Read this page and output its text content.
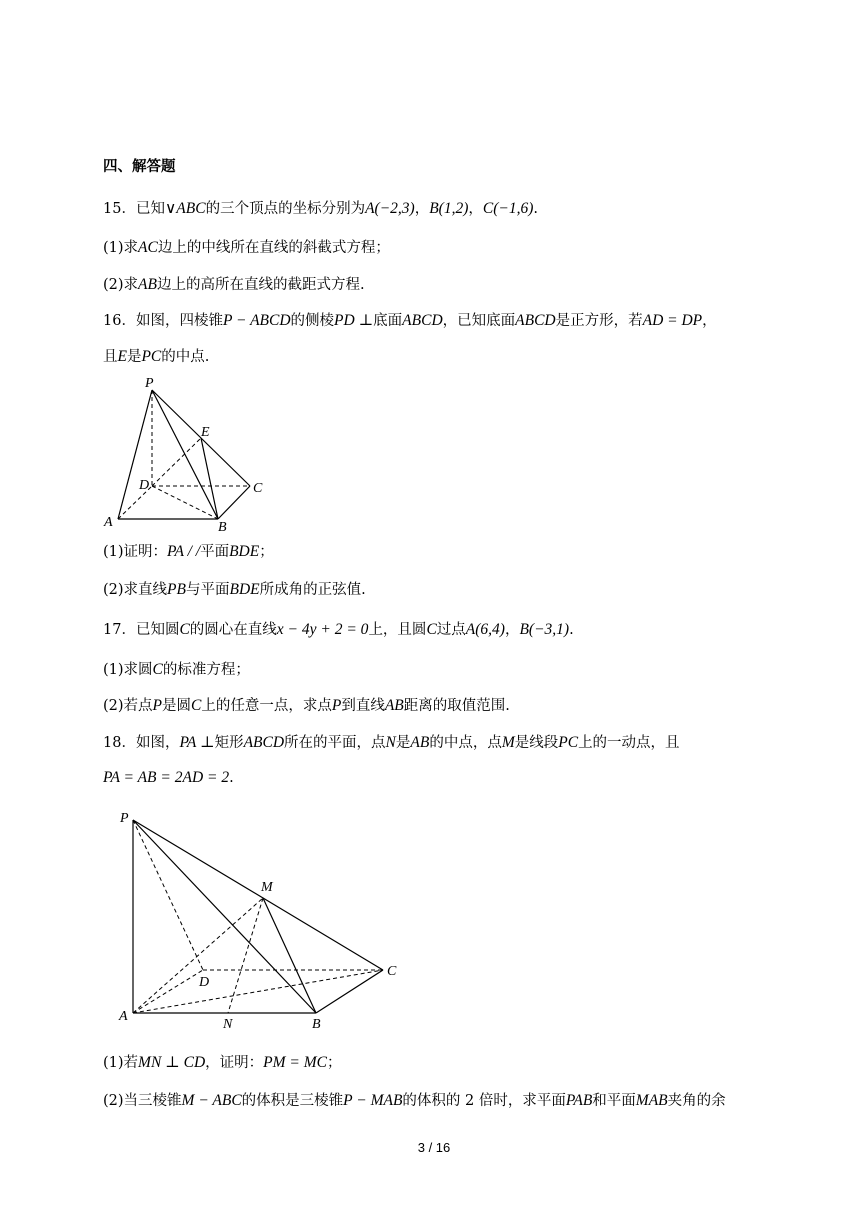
四、解答题
15．已知∨ABC的三个顶点的坐标分别为A(−2,3)，B(1,2)，C(−1,6).
(1)求AC边上的中线所在直线的斜截式方程；
(2)求AB边上的高所在直线的截距式方程.
16．如图，四棱锥P − ABCD的侧棱PD ⊥底面ABCD，已知底面ABCD是正方形，若AD = DP，
且E是PC的中点.
P
E
D	C
A	B
(1)证明：PA / /平面BDE；
(2)求直线PB与平面BDE所成角的正弦值.
17．已知圆C的圆心在直线x − 4y + 2 = 0上，且圆C过点A(6,4)，B(−3,1).
(1)求圆C的标准方程；
(2)若点P是圆C上的任意一点，求点P到直线AB距离的取值范围.
18．如图，PA ⊥矩形ABCD所在的平面，点N是AB的中点，点M是线段PC上的一动点，且
PA = AB = 2AD = 2.
P
M
D
C
A
N	B
(1)若MN ⊥ CD，证明：PM = MC；
(2)当三棱锥M − ABC的体积是三棱锥P − MAB的体积的 2 倍时，求平面PAB和平面MAB夹角的余
3 / 16
